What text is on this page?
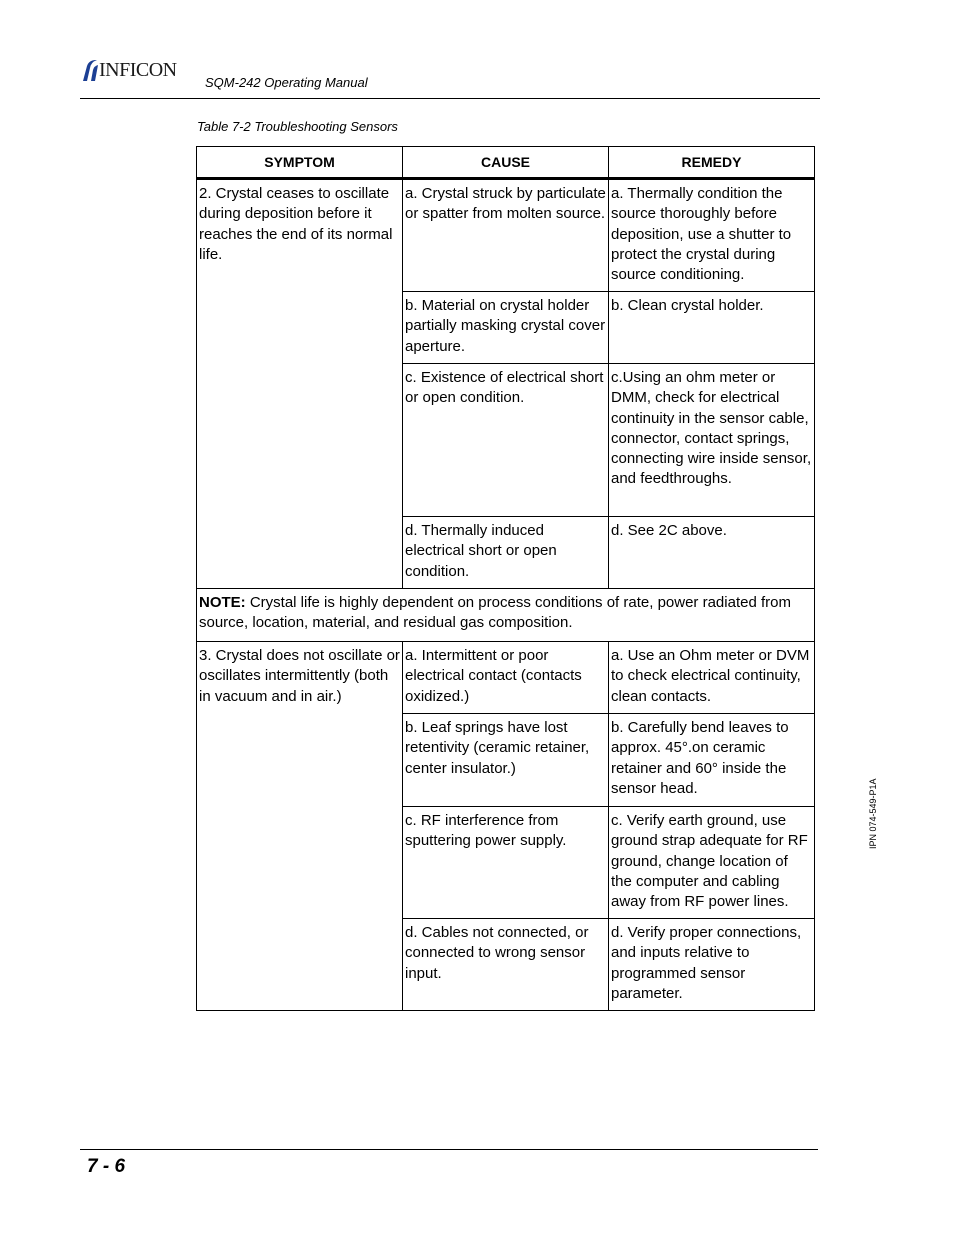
INFICON
SQM-242 Operating Manual
Table 7-2 Troubleshooting Sensors
SYMPTOM	CAUSE	REMEDY
2. Crystal ceases to oscillate during deposition before it reaches the end of its normal life.	a. Crystal struck by particulate or spatter from molten source.	a. Thermally condition the source thoroughly before deposition, use a shutter to protect the crystal during source conditioning.
	b. Material on crystal holder partially masking crystal cover aperture.	b. Clean crystal holder.
	c. Existence of electrical short or open condition.	c.Using an ohm meter or DMM, check for electrical continuity in the sensor cable, connector, contact springs, connecting wire inside sensor, and feedthroughs.
	d. Thermally induced electrical short or open condition.	d. See 2C above.
NOTE: Crystal life is highly dependent on process conditions of rate, power radiated from source, location, material, and residual gas composition.		
3. Crystal does not oscillate or oscillates intermittently (both in vacuum and in air.)	a. Intermittent or poor electrical contact (contacts oxidized.)	a. Use an Ohm meter or DVM to check electrical continuity, clean contacts.
	b. Leaf springs have lost retentivity (ceramic retainer, center insulator.)	b. Carefully bend leaves to approx. 45°.on ceramic retainer and 60° inside the sensor head.
	c. RF interference from sputtering power supply.	c. Verify earth ground, use ground strap adequate for RF ground, change location of the computer and cabling away from RF power lines.
	d. Cables not connected, or connected to wrong sensor input.	d. Verify proper connections, and inputs relative to programmed sensor parameter.
IPN 074-549-P1A
7 - 6
